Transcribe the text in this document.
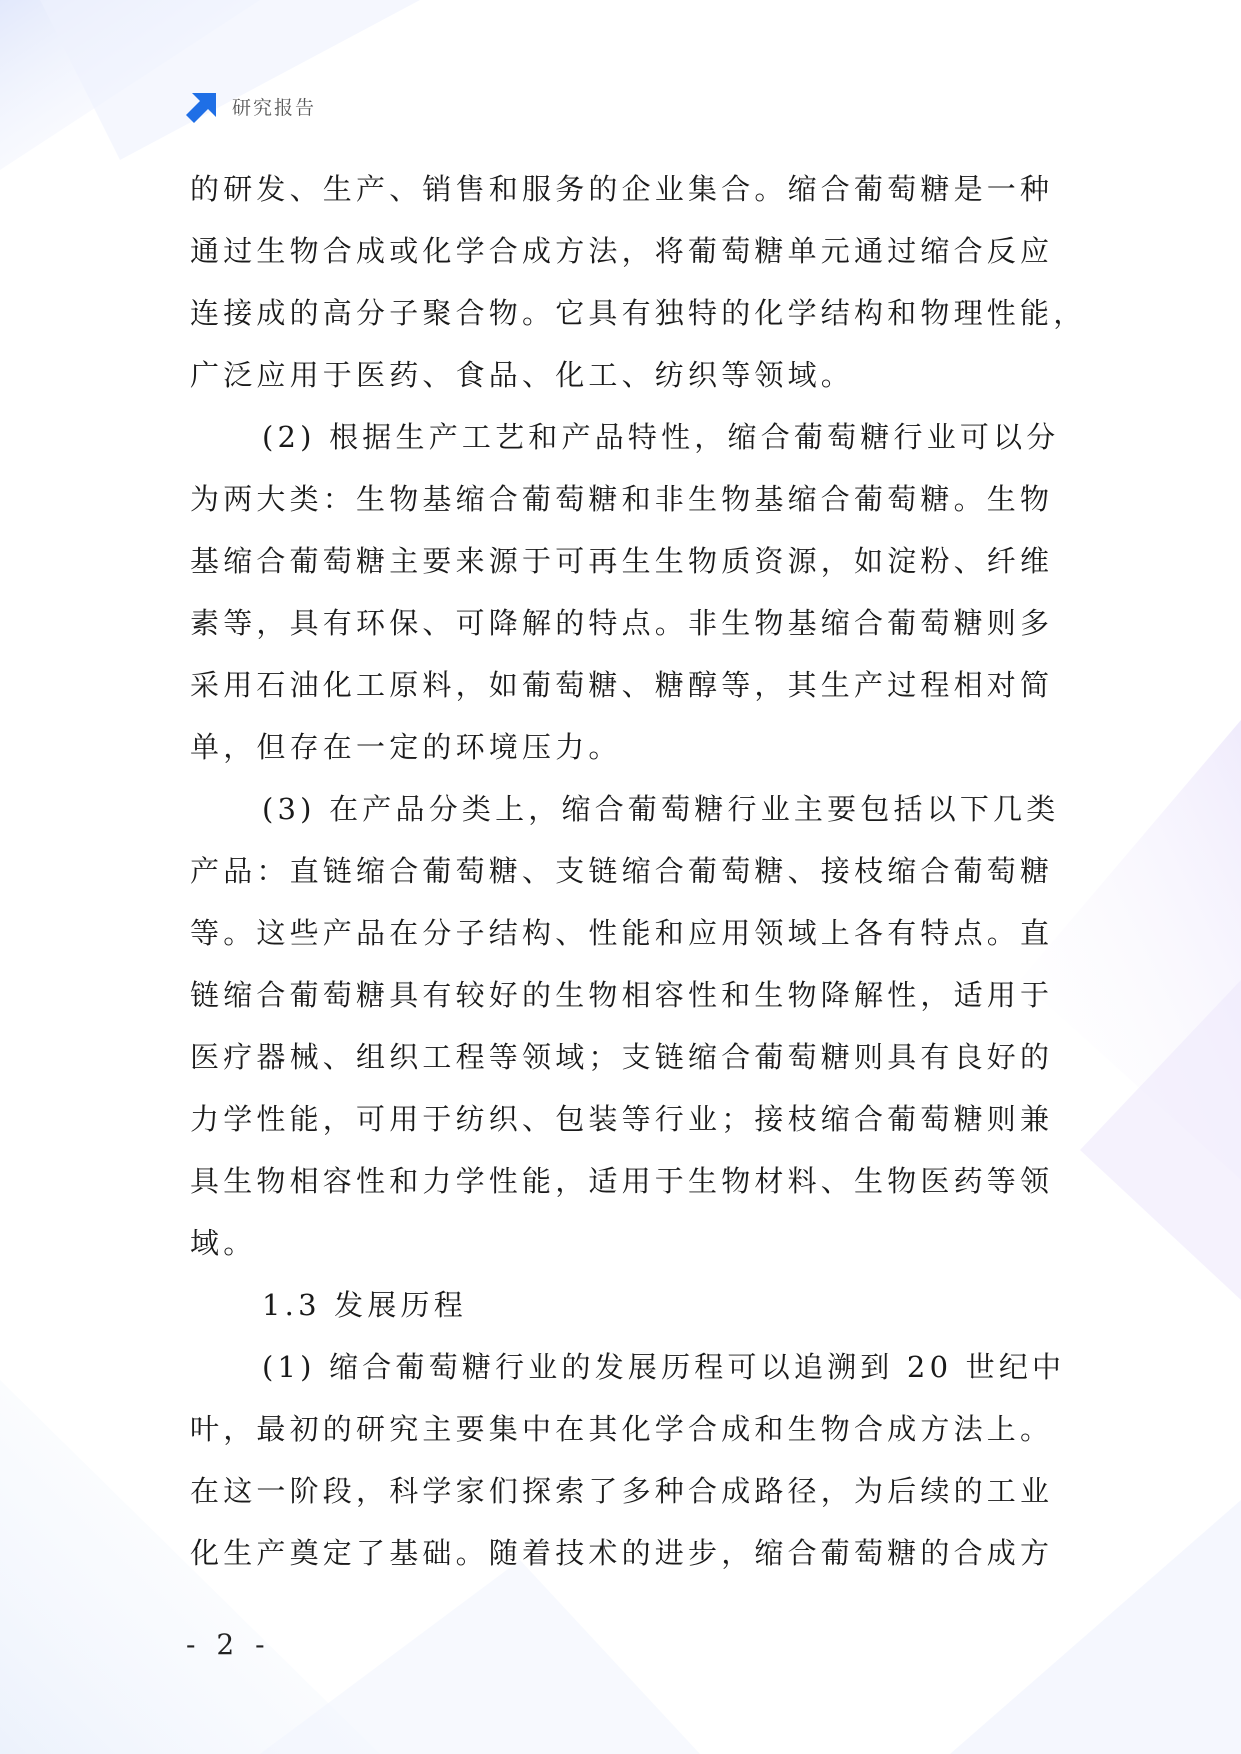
研究报告
的研发、生产、销售和服务的企业集合。缩合葡萄糖是一种
通过生物合成或化学合成方法，将葡萄糖单元通过缩合反应
连接成的高分子聚合物。它具有独特的化学结构和物理性能，
广泛应用于医药、食品、化工、纺织等领域。
(2) 根据生产工艺和产品特性，缩合葡萄糖行业可以分
为两大类：生物基缩合葡萄糖和非生物基缩合葡萄糖。生物
基缩合葡萄糖主要来源于可再生生物质资源，如淀粉、纤维
素等，具有环保、可降解的特点。非生物基缩合葡萄糖则多
采用石油化工原料，如葡萄糖、糖醇等，其生产过程相对简
单，但存在一定的环境压力。
(3) 在产品分类上，缩合葡萄糖行业主要包括以下几类
产品：直链缩合葡萄糖、支链缩合葡萄糖、接枝缩合葡萄糖
等。这些产品在分子结构、性能和应用领域上各有特点。直
链缩合葡萄糖具有较好的生物相容性和生物降解性，适用于
医疗器械、组织工程等领域；支链缩合葡萄糖则具有良好的
力学性能，可用于纺织、包装等行业；接枝缩合葡萄糖则兼
具生物相容性和力学性能，适用于生物材料、生物医药等领
域。
1.3 发展历程
(1) 缩合葡萄糖行业的发展历程可以追溯到 20 世纪中
叶，最初的研究主要集中在其化学合成和生物合成方法上。
在这一阶段，科学家们探索了多种合成路径，为后续的工业
化生产奠定了基础。随着技术的进步，缩合葡萄糖的合成方
- 2 -
